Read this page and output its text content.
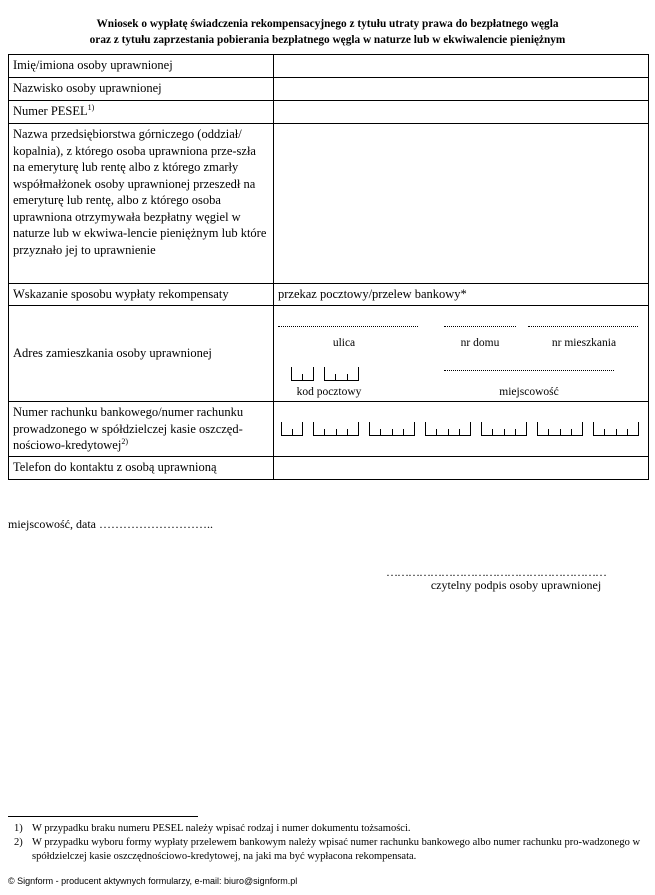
Wniosek o wypłatę świadczenia rekompensacyjnego z tytułu utraty prawa do bezpłatnego węgla
oraz z tytułu zaprzestania pobierania bezpłatnego węgla w naturze lub w ekwiwalencie pieniężnym
Imię/imiona osoby uprawnionej	
Nazwisko osoby uprawnionej	
Numer PESEL$^{1)}$	
Nazwa przedsiębiorstwa górniczego (oddział/ kopalnia), z którego osoba uprawniona prze-szła na emeryturę lub rentę albo z którego zmarły współmałżonek osoby uprawnionej przeszedł na emeryturę lub rentę, albo z którego osoba uprawniona otrzymywała bezpłatny węgiel w naturze lub w ekwiwa-lencie pieniężnym lub które przyznało jej to uprawnienie	
Wskazanie sposobu wypłaty rekompensaty	przekaz pocztowy/przelew bankowy*
Adres zamieszkania osoby uprawnionej	ulica nr domu nr mieszkania
kod pocztowy miejscowość

Numer rachunku bankowego/numer rachunku prowadzonego w spółdzielczej kasie oszczęd-nościowo-kredytowej$^{2)}$	

Telefon do kontaktu z osobą uprawnioną	
miejscowość, data ………………………..
……………………………………………………
czytelny podpis osoby uprawnionej
1) W przypadku braku numeru PESEL należy wpisać rodzaj i numer dokumentu tożsamości.
2) W przypadku wyboru formy wypłaty przelewem bankowym należy wpisać numer rachunku bankowego albo numer rachunku pro-wadzonego w spółdzielczej kasie oszczędnościowo-kredytowej, na jaki ma być wypłacona rekompensata.
© Signform - producent aktywnych formularzy, e-mail: biuro@signform.pl
